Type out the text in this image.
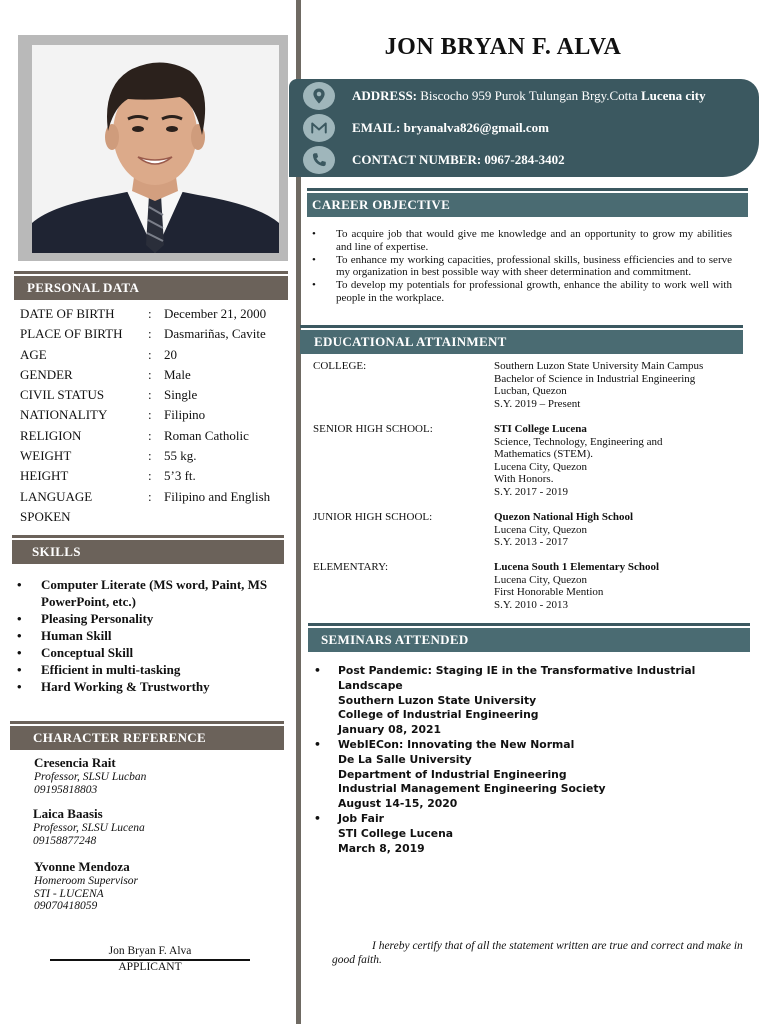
JON BRYAN F. ALVA
ADDRESS: Biscocho 959 Purok Tulungan Brgy.Cotta Lucena city
EMAIL: bryanalva826@gmail.com
CONTACT NUMBER: 0967-284-3402
PERSONAL DATA
DATE OF BIRTH	: December 21, 2000
PLACE OF BIRTH	: Dasmariñas, Cavite
AGE	: 20
GENDER	: Male
CIVIL STATUS	: Single
NATIONALITY	: Filipino
RELIGION	: Roman Catholic
WEIGHT	: 55 kg.
HEIGHT	: 5’3 ft.
LANGUAGE	: Filipino and English
SPOKEN
SKILLS
• Computer Literate (MS word, Paint, MS PowerPoint, etc.)
• Pleasing Personality
• Human Skill
• Conceptual Skill
• Efficient in multi-tasking
• Hard Working & Trustworthy
CHARACTER REFERENCE
Cresencia Rait
Professor, SLSU Lucban
09195818803
Laica Baasis
Professor, SLSU Lucena
09158877248
Yvonne Mendoza
Homeroom Supervisor
STI - LUCENA
09070418059
Jon Bryan F. Alva
APPLICANT
CAREER OBJECTIVE
• To acquire job that would give me knowledge and an opportunity to grow my abilities and line of expertise.
• To enhance my working capacities, professional skills, business efficiencies and to serve my organization in best possible way with sheer determination and commitment.
• To develop my potentials for professional growth, enhance the ability to work well with people in the workplace.
EDUCATIONAL ATTAINMENT
COLLEGE:	Southern Luzon State University Main Campus
Bachelor of Science in Industrial Engineering
Lucban, Quezon
S.Y. 2019 – Present
SENIOR HIGH SCHOOL:	STI College Lucena
Science, Technology, Engineering and
Mathematics (STEM).
Lucena City, Quezon
With Honors.
S.Y. 2017 - 2019
JUNIOR HIGH SCHOOL:	Quezon National High School
Lucena City, Quezon
S.Y. 2013 - 2017
ELEMENTARY:	Lucena South 1 Elementary School
Lucena City, Quezon
First Honorable Mention
S.Y. 2010 - 2013
SEMINARS ATTENDED
• Post Pandemic: Staging IE in the Transformative Industrial Landscape
Southern Luzon State University
College of Industrial Engineering
January 08, 2021
• WebIECon: Innovating the New Normal
De La Salle University
Department of Industrial Engineering
Industrial Management Engineering Society
August 14-15, 2020
• Job Fair
STI College Lucena
March 8, 2019
I hereby certify that of all the statement written are true and correct and make in good faith.
